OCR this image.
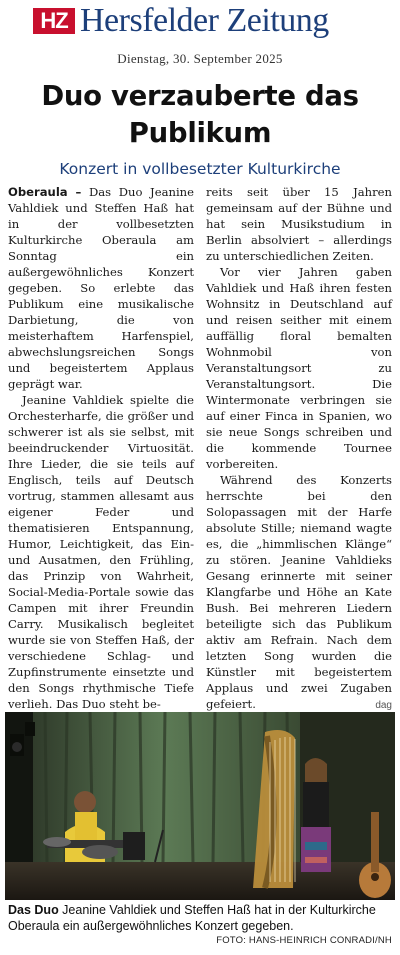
HZ Hersfelder Zeitung
Dienstag, 30. September 2025
Duo verzauberte das Publikum
Konzert in vollbesetzter Kulturkirche

Oberaula – Das Duo Jeanine Vahldiek und Steffen Haß hat in der vollbesetzten Kulturkirche Oberaula am Sonntag ein außergewöhnliches Konzert gegeben. So erlebte das Publikum eine musikalische Darbietung, die von meisterhaftem Harfenspiel, abwechslungsreichen Songs und begeistertem Applaus geprägt war.

Jeanine Vahldiek spielte die Orchesterharfe, die größer und schwerer ist als sie selbst, mit beeindruckender Virtuosität. Ihre Lieder, die sie teils auf Englisch, teils auf Deutsch vortrug, stammen allesamt aus eigener Feder und thematisieren Entspannung, Humor, Leichtigkeit, das Ein- und Ausatmen, den Frühling, das Prinzip von Wahrheit, Social-Media-Portale sowie das Campen mit ihrer Freundin Carry. Musikalisch begleitet wurde sie von Steffen Haß, der verschiedene Schlag- und Zupfinstrumente einsetzte und den Songs rhythmische Tiefe verlieh. Das Duo steht be-

reits seit über 15 Jahren gemeinsam auf der Bühne und hat sein Musikstudium in Berlin absolviert – allerdings zu unterschiedlichen Zeiten.

Vor vier Jahren gaben Vahldiek und Haß ihren festen Wohnsitz in Deutschland auf und reisen seither mit einem auffällig floral bemalten Wohnmobil von Veranstaltungsort zu Veranstaltungsort. Die Wintermonate verbringen sie auf einer Finca in Spanien, wo sie neue Songs schreiben und die kommende Tournee vorbereiten.

Während des Konzerts herrschte bei den Solopassagen mit der Harfe absolute Stille; niemand wagte es, die „himmlischen Klänge“ zu stören. Jeanine Vahldieks Gesang erinnerte mit seiner Klangfarbe und Höhe an Kate Bush. Bei mehreren Liedern beteiligte sich das Publikum aktiv am Refrain. Nach dem letzten Song wurden die Künstler mit begeistertem Applaus und zwei Zugaben gefeiert.	dag

Das Duo Jeanine Vahldiek und Steffen Haß hat in der Kulturkirche Oberaula ein außergewöhnliches Konzert gegeben.
FOTO: HANS-HEINRICH CONRADI/NH
